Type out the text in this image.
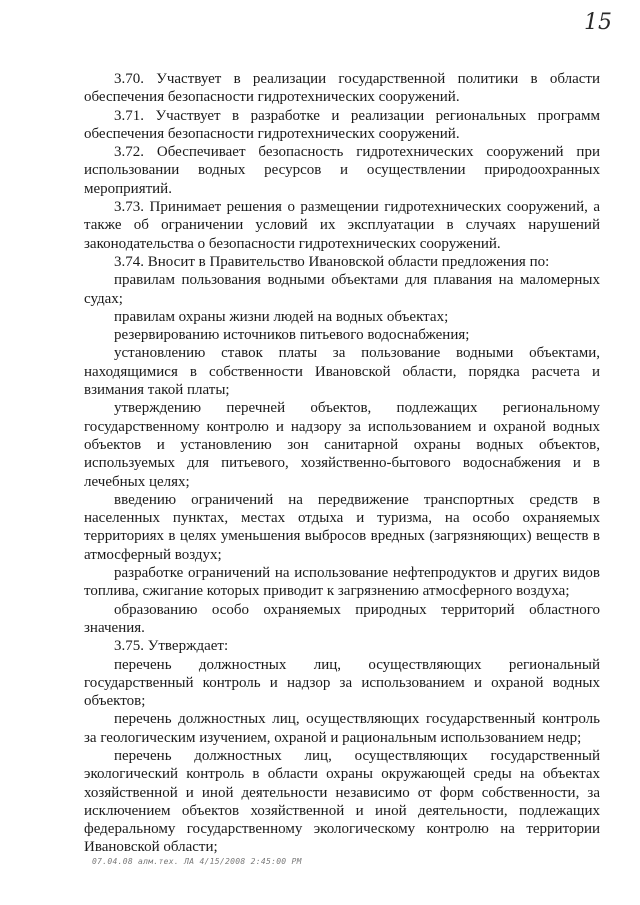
15

3.70. Участвует в реализации государственной политики в области обеспечения безопасности гидротехнических сооружений.

3.71. Участвует в разработке и реализации региональных программ обеспечения безопасности гидротехнических сооружений.

3.72. Обеспечивает безопасность гидротехнических сооружений при использовании водных ресурсов и осуществлении природоохранных мероприятий.

3.73. Принимает решения о размещении гидротехнических сооружений, а также об ограничении условий их эксплуатации в случаях нарушений законодательства о безопасности гидротехнических сооружений.

3.74. Вносит в Правительство Ивановской области предложения по:

правилам пользования водными объектами для плавания на маломерных судах;

правилам охраны жизни людей на водных объектах;

резервированию источников питьевого водоснабжения;

установлению ставок платы за пользование водными объектами, находящимися в собственности Ивановской области, порядка расчета и взимания такой платы;

утверждению перечней объектов, подлежащих региональному государственному контролю и надзору за использованием и охраной водных объектов и установлению зон санитарной охраны водных объектов, используемых для питьевого, хозяйственно-бытового водоснабжения и в лечебных целях;

введению ограничений на передвижение транспортных средств в населенных пунктах, местах отдыха и туризма, на особо охраняемых территориях в целях уменьшения выбросов вредных (загрязняющих) веществ в атмосферный воздух;

разработке ограничений на использование нефтепродуктов и других видов топлива, сжигание которых приводит к загрязнению атмосферного воздуха;

образованию особо охраняемых природных территорий областного значения.

3.75. Утверждает:

перечень должностных лиц, осуществляющих региональный государственный контроль и надзор за использованием и охраной водных объектов;

перечень должностных лиц, осуществляющих государственный контроль за геологическим изучением, охраной и рациональным использованием недр;

перечень должностных лиц, осуществляющих государственный экологический контроль в области охраны окружающей среды на объектах хозяйственной и иной деятельности независимо от форм собственности, за исключением объектов хозяйственной и иной деятельности, подлежащих федеральному государственному экологическому контролю на территории Ивановской области;

07.04.08 алм.тех. ЛА 4/15/2008 2:45:00 PM
